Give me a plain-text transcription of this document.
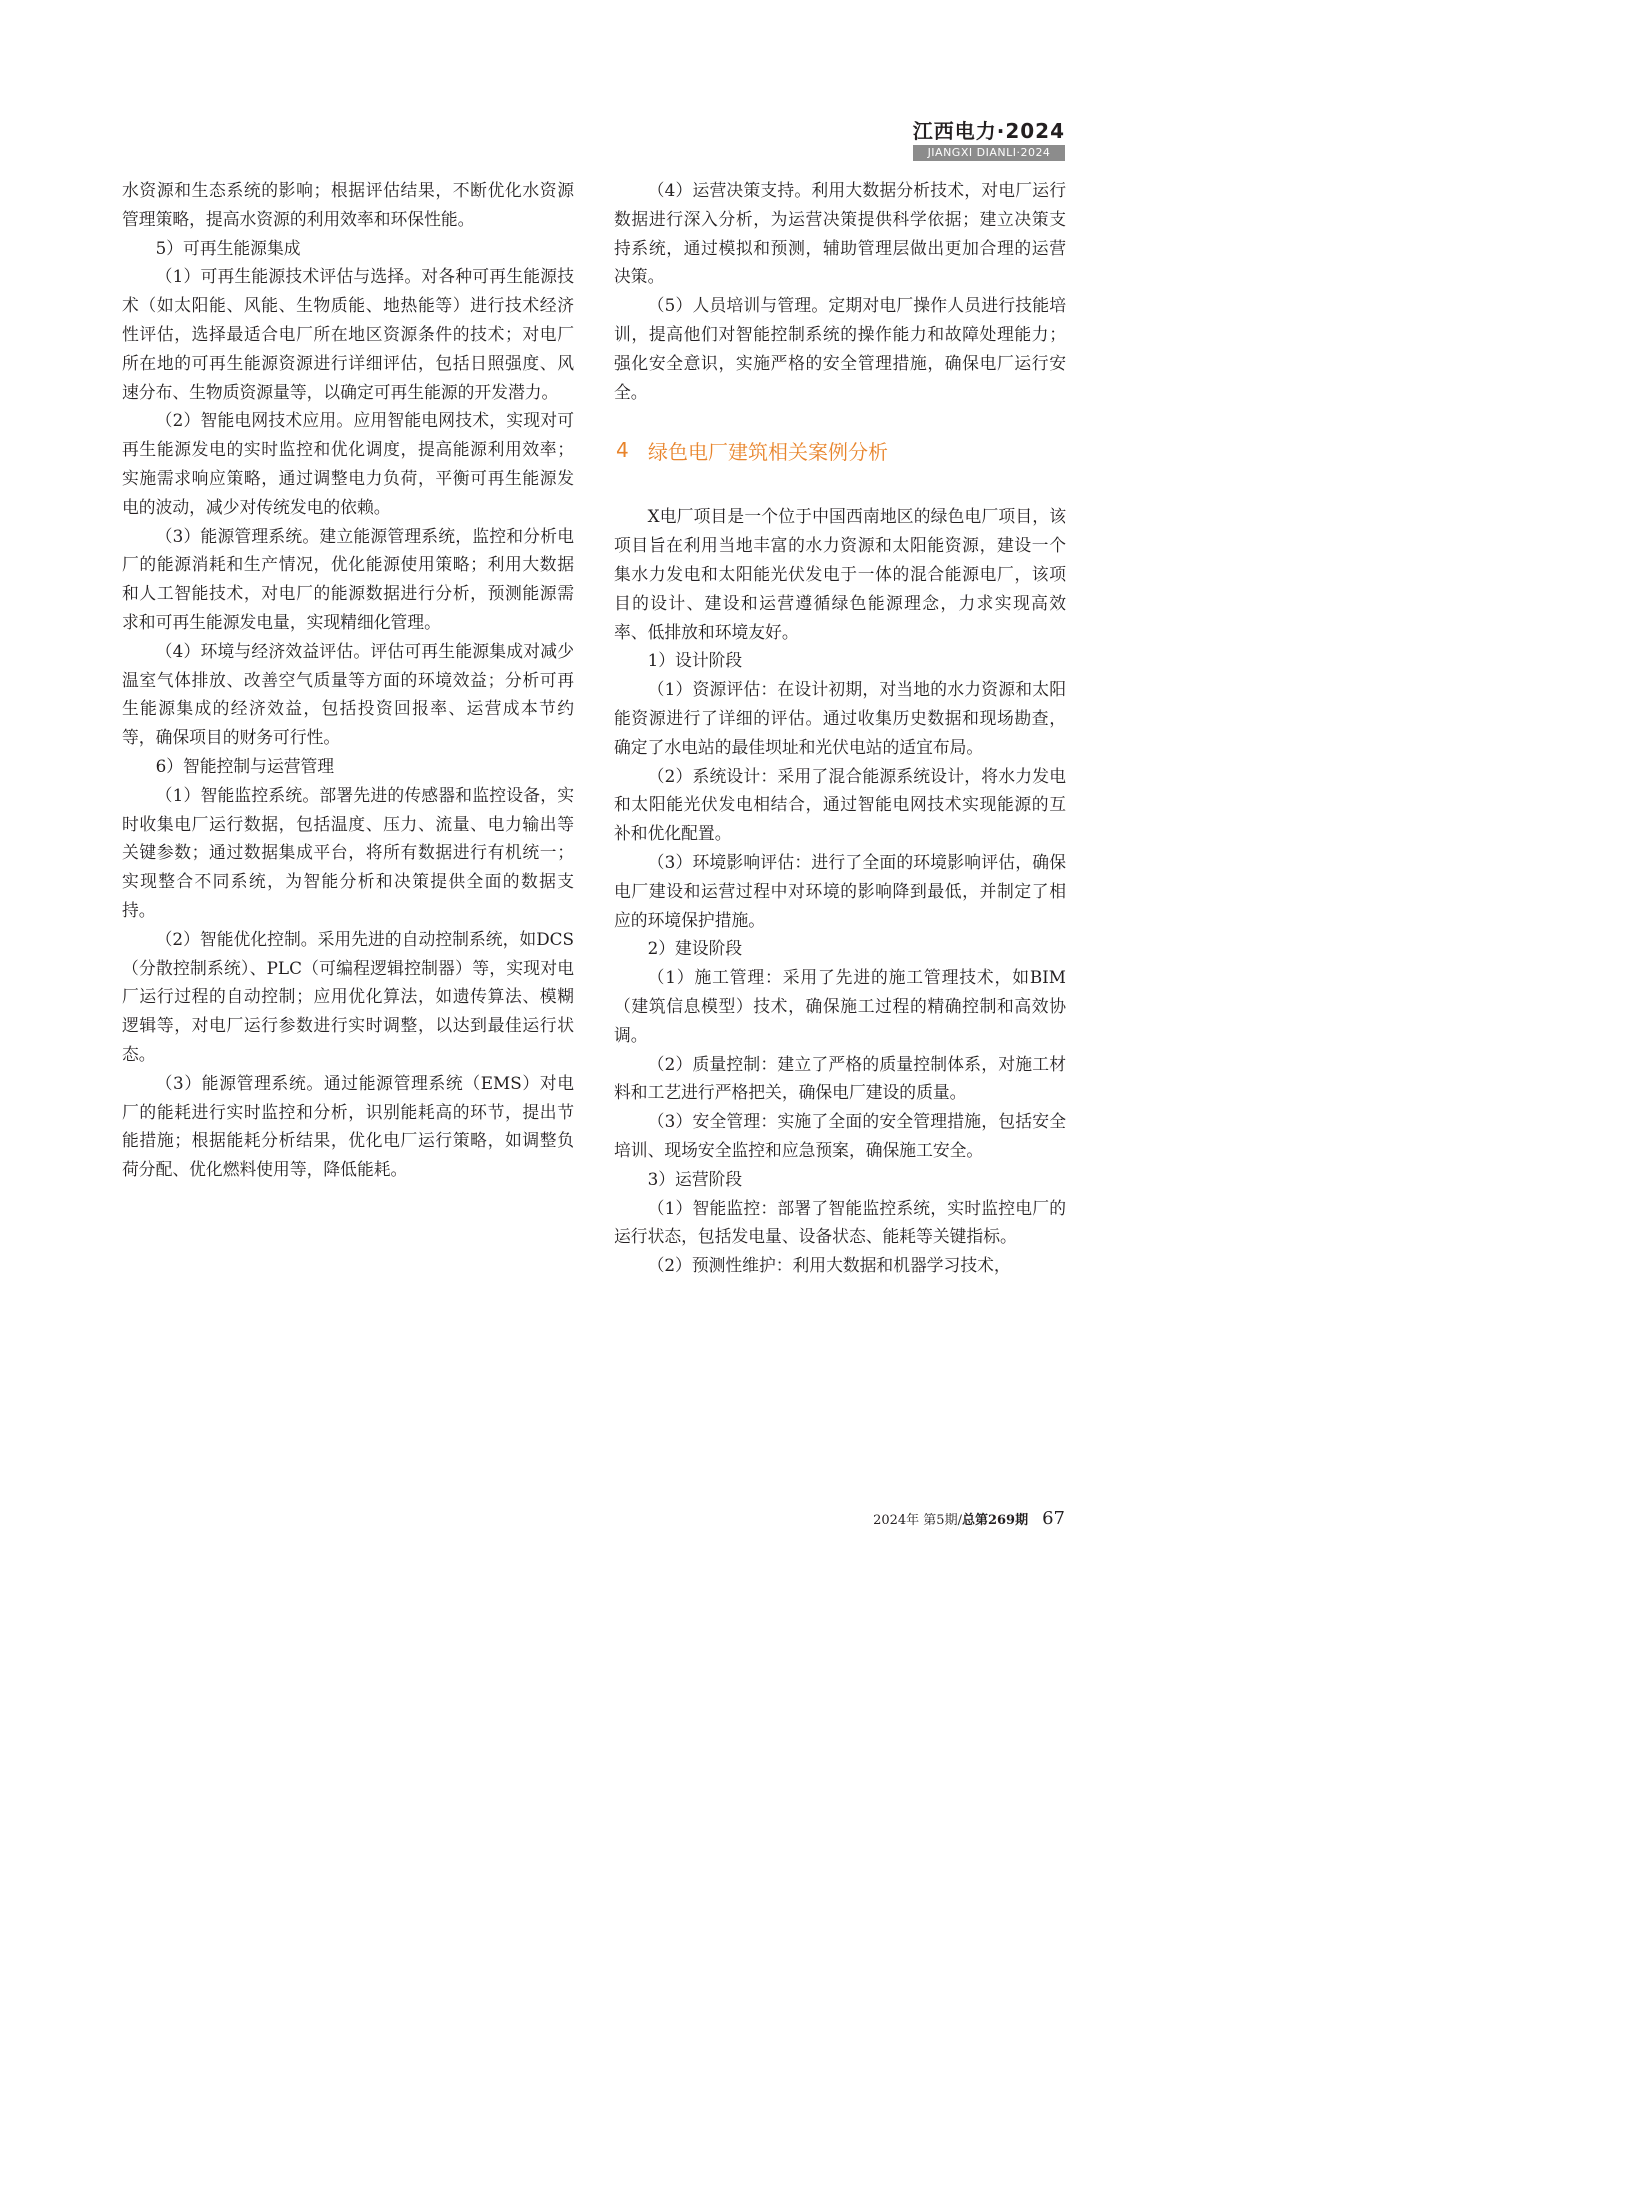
江西电力·2024
JIANGXI DIANLI·2024

水资源和生态系统的影响；根据评估结果，不断优化水资源管理策略，提高水资源的利用效率和环保性能。

5）可再生能源集成

（1）可再生能源技术评估与选择。对各种可再生能源技术（如太阳能、风能、生物质能、地热能等）进行技术经济性评估，选择最适合电厂所在地区资源条件的技术；对电厂所在地的可再生能源资源进行详细评估，包括日照强度、风速分布、生物质资源量等，以确定可再生能源的开发潜力。

（2）智能电网技术应用。应用智能电网技术，实现对可再生能源发电的实时监控和优化调度，提高能源利用效率；实施需求响应策略，通过调整电力负荷，平衡可再生能源发电的波动，减少对传统发电的依赖。

（3）能源管理系统。建立能源管理系统，监控和分析电厂的能源消耗和生产情况，优化能源使用策略；利用大数据和人工智能技术，对电厂的能源数据进行分析，预测能源需求和可再生能源发电量，实现精细化管理。

（4）环境与经济效益评估。评估可再生能源集成对减少温室气体排放、改善空气质量等方面的环境效益；分析可再生能源集成的经济效益，包括投资回报率、运营成本节约等，确保项目的财务可行性。

6）智能控制与运营管理

（1）智能监控系统。部署先进的传感器和监控设备，实时收集电厂运行数据，包括温度、压力、流量、电力输出等关键参数；通过数据集成平台，将所有数据进行有机统一；实现整合不同系统，为智能分析和决策提供全面的数据支持。

（2）智能优化控制。采用先进的自动控制系统，如DCS（分散控制系统）、PLC（可编程逻辑控制器）等，实现对电厂运行过程的自动控制；应用优化算法，如遗传算法、模糊逻辑等，对电厂运行参数进行实时调整，以达到最佳运行状态。

（3）能源管理系统。通过能源管理系统（EMS）对电厂的能耗进行实时监控和分析，识别能耗高的环节，提出节能措施；根据能耗分析结果，优化电厂运行策略，如调整负荷分配、优化燃料使用等，降低能耗。

（4）运营决策支持。利用大数据分析技术，对电厂运行数据进行深入分析，为运营决策提供科学依据；建立决策支持系统，通过模拟和预测，辅助管理层做出更加合理的运营决策。

（5）人员培训与管理。定期对电厂操作人员进行技能培训，提高他们对智能控制系统的操作能力和故障处理能力；强化安全意识，实施严格的安全管理措施，确保电厂运行安全。

4 绿色电厂建筑相关案例分析

X电厂项目是一个位于中国西南地区的绿色电厂项目，该项目旨在利用当地丰富的水力资源和太阳能资源，建设一个集水力发电和太阳能光伏发电于一体的混合能源电厂，该项目的设计、建设和运营遵循绿色能源理念，力求实现高效率、低排放和环境友好。

1）设计阶段

（1）资源评估：在设计初期，对当地的水力资源和太阳能资源进行了详细的评估。通过收集历史数据和现场勘查，确定了水电站的最佳坝址和光伏电站的适宜布局。

（2）系统设计：采用了混合能源系统设计，将水力发电和太阳能光伏发电相结合，通过智能电网技术实现能源的互补和优化配置。

（3）环境影响评估：进行了全面的环境影响评估，确保电厂建设和运营过程中对环境的影响降到最低，并制定了相应的环境保护措施。

2）建设阶段

（1）施工管理：采用了先进的施工管理技术，如BIM（建筑信息模型）技术，确保施工过程的精确控制和高效协调。

（2）质量控制：建立了严格的质量控制体系，对施工材料和工艺进行严格把关，确保电厂建设的质量。

（3）安全管理：实施了全面的安全管理措施，包括安全培训、现场安全监控和应急预案，确保施工安全。

3）运营阶段

（1）智能监控：部署了智能监控系统，实时监控电厂的运行状态，包括发电量、设备状态、能耗等关键指标。

（2）预测性维护：利用大数据和机器学习技术，

2024年 第5期/ 总第269期 67
